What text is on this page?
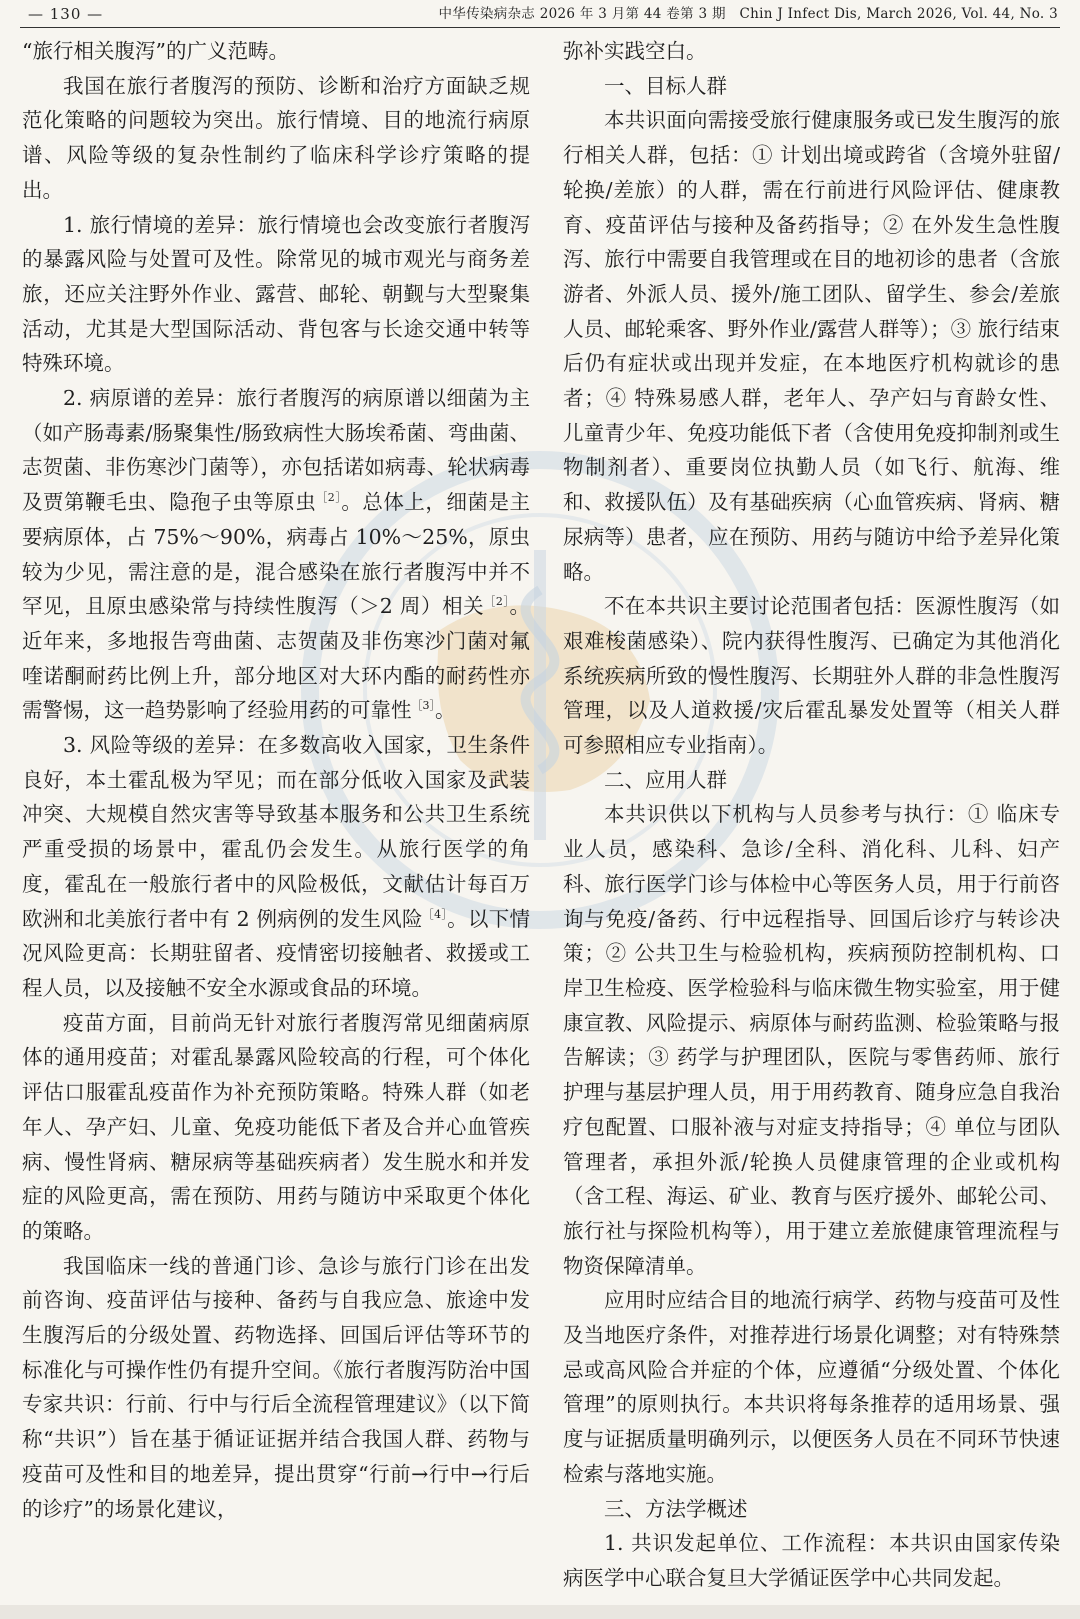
— 130 —	中华传染病杂志 2026 年 3 月第 44 卷第 3 期　Chin J Infect Dis, March 2026, Vol. 44, No. 3

“旅行相关腹泻”的广义范畴。

我国在旅行者腹泻的预防、诊断和治疗方面缺乏规范化策略的问题较为突出。旅行情境、目的地流行病原谱、风险等级的复杂性制约了临床科学诊疗策略的提出。

1. 旅行情境的差异：旅行情境也会改变旅行者腹泻的暴露风险与处置可及性。除常见的城市观光与商务差旅，还应关注野外作业、露营、邮轮、朝觐与大型聚集活动，尤其是大型国际活动、背包客与长途交通中转等特殊环境。

2. 病原谱的差异：旅行者腹泻的病原谱以细菌为主（如产肠毒素/肠聚集性/肠致病性大肠埃希菌、弯曲菌、志贺菌、非伤寒沙门菌等），亦包括诺如病毒、轮状病毒及贾第鞭毛虫、隐孢子虫等原虫$^{[2]}$。总体上，细菌是主要病原体，占 75%～90%，病毒占 10%～25%，原虫较为少见，需注意的是，混合感染在旅行者腹泻中并不罕见，且原虫感染常与持续性腹泻（＞2 周）相关$^{[2]}$。近年来，多地报告弯曲菌、志贺菌及非伤寒沙门菌对氟喹诺酮耐药比例上升，部分地区对大环内酯的耐药性亦需警惕，这一趋势影响了经验用药的可靠性$^{[3]}$。

3. 风险等级的差异：在多数高收入国家，卫生条件良好，本土霍乱极为罕见；而在部分低收入国家及武装冲突、大规模自然灾害等导致基本服务和公共卫生系统严重受损的场景中，霍乱仍会发生。从旅行医学的角度，霍乱在一般旅行者中的风险极低，文献估计每百万欧洲和北美旅行者中有 2 例病例的发生风险$^{[4]}$。以下情况风险更高：长期驻留者、疫情密切接触者、救援或工程人员，以及接触不安全水源或食品的环境。

疫苗方面，目前尚无针对旅行者腹泻常见细菌病原体的通用疫苗；对霍乱暴露风险较高的行程，可个体化评估口服霍乱疫苗作为补充预防策略。特殊人群（如老年人、孕产妇、儿童、免疫功能低下者及合并心血管疾病、慢性肾病、糖尿病等基础疾病者）发生脱水和并发症的风险更高，需在预防、用药与随访中采取更个体化的策略。

我国临床一线的普通门诊、急诊与旅行门诊在出发前咨询、疫苗评估与接种、备药与自我应急、旅途中发生腹泻后的分级处置、药物选择、回国后评估等环节的标准化与可操作性仍有提升空间。《旅行者腹泻防治中国专家共识：行前、行中与行后全流程管理建议》（以下简称“共识”）旨在基于循证证据并结合我国人群、药物与疫苗可及性和目的地差异，提出贯穿“行前→行中→行后的诊疗”的场景化建议，

弥补实践空白。

一、目标人群

本共识面向需接受旅行健康服务或已发生腹泻的旅行相关人群，包括：① 计划出境或跨省（含境外驻留/轮换/差旅）的人群，需在行前进行风险评估、健康教育、疫苗评估与接种及备药指导；② 在外发生急性腹泻、旅行中需要自我管理或在目的地初诊的患者（含旅游者、外派人员、援外/施工团队、留学生、参会/差旅人员、邮轮乘客、野外作业/露营人群等）；③ 旅行结束后仍有症状或出现并发症，在本地医疗机构就诊的患者；④ 特殊易感人群，老年人、孕产妇与育龄女性、儿童青少年、免疫功能低下者（含使用免疫抑制剂或生物制剂者）、重要岗位执勤人员（如飞行、航海、维和、救援队伍）及有基础疾病（心血管疾病、肾病、糖尿病等）患者，应在预防、用药与随访中给予差异化策略。

不在本共识主要讨论范围者包括：医源性腹泻（如艰难梭菌感染）、院内获得性腹泻、已确定为其他消化系统疾病所致的慢性腹泻、长期驻外人群的非急性腹泻管理，以及人道救援/灾后霍乱暴发处置等（相关人群可参照相应专业指南）。

二、应用人群

本共识供以下机构与人员参考与执行：① 临床专业人员，感染科、急诊/全科、消化科、儿科、妇产科、旅行医学门诊与体检中心等医务人员，用于行前咨询与免疫/备药、行中远程指导、回国后诊疗与转诊决策；② 公共卫生与检验机构，疾病预防控制机构、口岸卫生检疫、医学检验科与临床微生物实验室，用于健康宣教、风险提示、病原体与耐药监测、检验策略与报告解读；③ 药学与护理团队，医院与零售药师、旅行护理与基层护理人员，用于用药教育、随身应急自我治疗包配置、口服补液与对症支持指导；④ 单位与团队管理者，承担外派/轮换人员健康管理的企业或机构（含工程、海运、矿业、教育与医疗援外、邮轮公司、旅行社与探险机构等），用于建立差旅健康管理流程与物资保障清单。

应用时应结合目的地流行病学、药物与疫苗可及性及当地医疗条件，对推荐进行场景化调整；对有特殊禁忌或高风险合并症的个体，应遵循“分级处置、个体化管理”的原则执行。本共识将每条推荐的适用场景、强度与证据质量明确列示，以便医务人员在不同环节快速检索与落地实施。

三、方法学概述

1. 共识发起单位、工作流程：本共识由国家传染病医学中心联合复旦大学循证医学中心共同发起。
